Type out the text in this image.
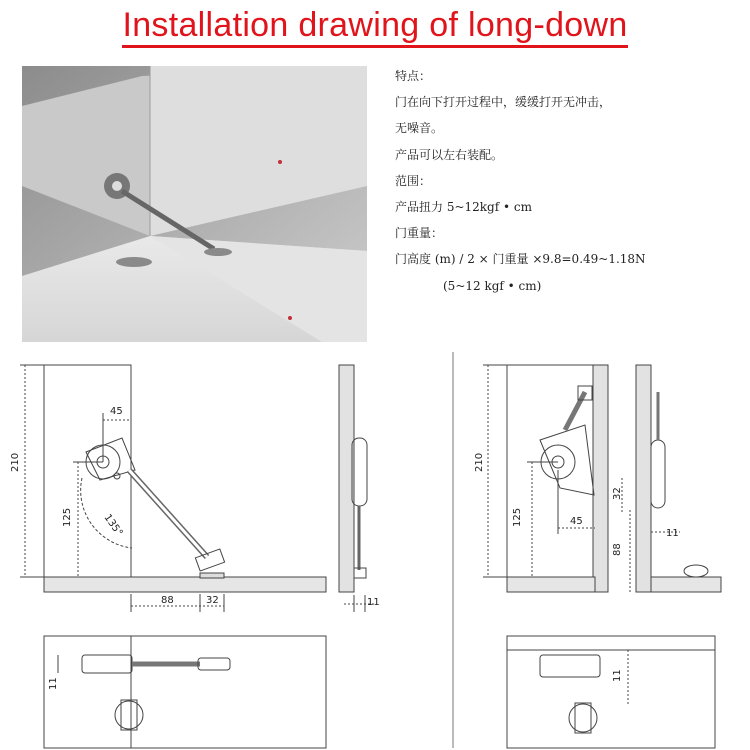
Installation drawing of long-down
特点：
门在向下打开过程中，缓缓打开无冲击，
无噪音。
产品可以左右装配。
范围：
产品扭力 5~12kgf • cm
门重量：
门高度 (m) / 2 × 门重量 ×9.8=0.49~1.18N
(5~12 kgf • cm)
210
125
45
135°
88	32	11
11
210
125	45
32
88
11
11
